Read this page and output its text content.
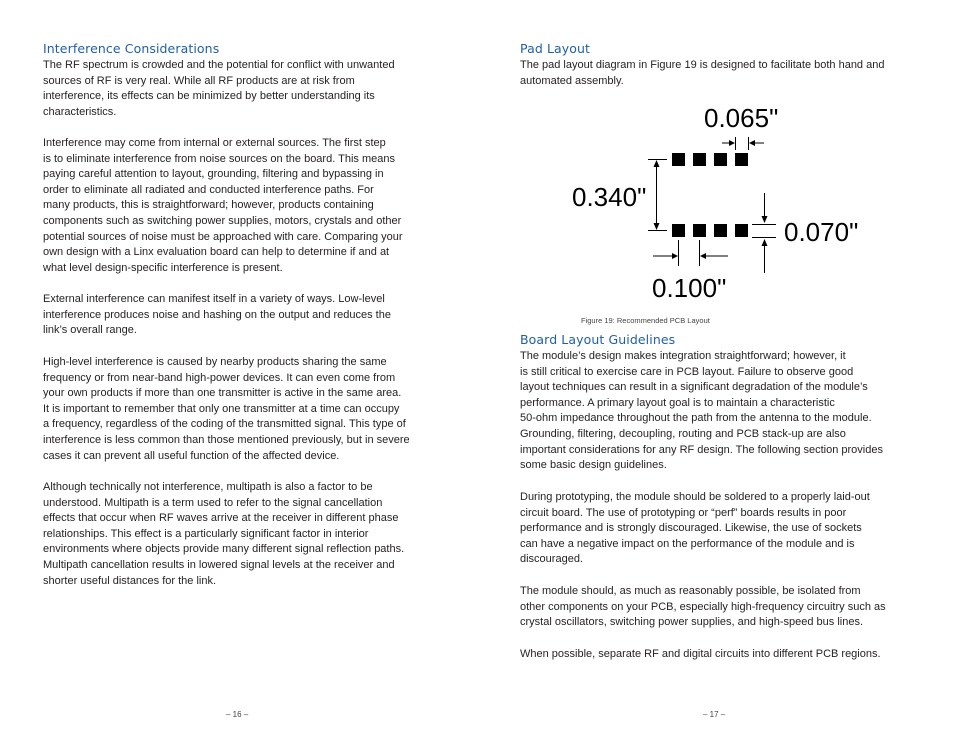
Interference Considerations

The RF spectrum is crowded and the potential for conflict with unwanted
sources of RF is very real. While all RF products are at risk from
interference, its effects can be minimized by better understanding its
characteristics.

Interference may come from internal or external sources. The first step
is to eliminate interference from noise sources on the board. This means
paying careful attention to layout, grounding, filtering and bypassing in
order to eliminate all radiated and conducted interference paths. For
many products, this is straightforward; however, products containing
components such as switching power supplies, motors, crystals and other
potential sources of noise must be approached with care. Comparing your
own design with a Linx evaluation board can help to determine if and at
what level design-specific interference is present.

External interference can manifest itself in a variety of ways. Low-level
interference produces noise and hashing on the output and reduces the
link’s overall range.

High-level interference is caused by nearby products sharing the same
frequency or from near-band high-power devices. It can even come from
your own products if more than one transmitter is active in the same area.
It is important to remember that only one transmitter at a time can occupy
a frequency, regardless of the coding of the transmitted signal. This type of
interference is less common than those mentioned previously, but in severe
cases it can prevent all useful function of the affected device.

Although technically not interference, multipath is also a factor to be
understood. Multipath is a term used to refer to the signal cancellation
effects that occur when RF waves arrive at the receiver in different phase
relationships. This effect is a particularly significant factor in interior
environments where objects provide many different signal reflection paths.
Multipath cancellation results in lowered signal levels at the receiver and
shorter useful distances for the link.

– 16 –

Pad Layout

The pad layout diagram in Figure 19 is designed to facilitate both hand and
automated assembly.

0.065"
0.340"
0.070"
0.100"

Figure 19: Recommended PCB Layout

Board Layout Guidelines

The module’s design makes integration straightforward; however, it
is still critical to exercise care in PCB layout. Failure to observe good
layout techniques can result in a significant degradation of the module’s
performance. A primary layout goal is to maintain a characteristic
50-ohm impedance throughout the path from the antenna to the module.
Grounding, filtering, decoupling, routing and PCB stack-up are also
important considerations for any RF design. The following section provides
some basic design guidelines.

During prototyping, the module should be soldered to a properly laid-out
circuit board. The use of prototyping or “perf” boards results in poor
performance and is strongly discouraged. Likewise, the use of sockets
can have a negative impact on the performance of the module and is
discouraged.

The module should, as much as reasonably possible, be isolated from
other components on your PCB, especially high-frequency circuitry such as
crystal oscillators, switching power supplies, and high-speed bus lines.

When possible, separate RF and digital circuits into different PCB regions.

– 17 –
